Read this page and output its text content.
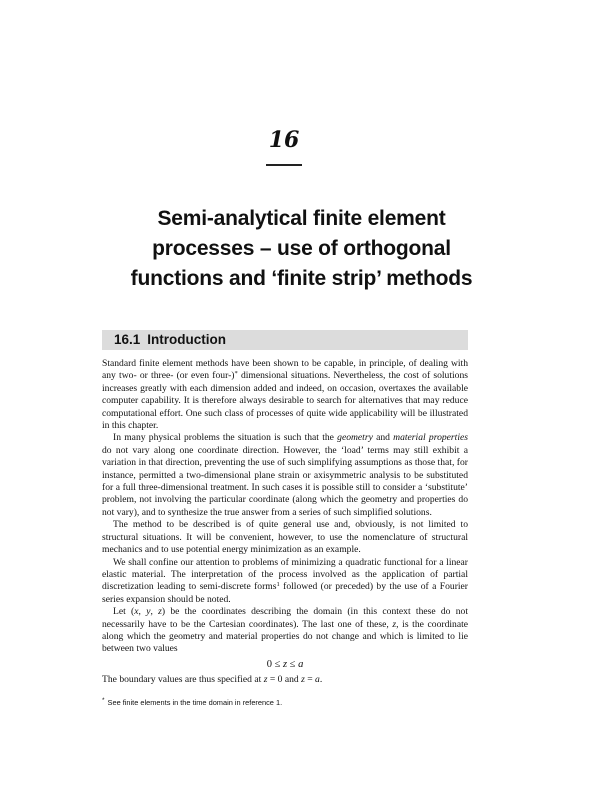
16
Semi-analytical finite element
processes – use of orthogonal
functions and ‘finite strip’ methods
16.1 Introduction

Standard finite element methods have been shown to be capable, in principle, of dealing with any two- or three- (or even four-)* dimensional situations. Nevertheless, the cost of solutions increases greatly with each dimension added and indeed, on occasion, overtaxes the available computer capability. It is therefore always desirable to search for alternatives that may reduce computational effort. One such class of processes of quite wide applicability will be illustrated in this chapter.

In many physical problems the situation is such that the geometry and material properties do not vary along one coordinate direction. However, the ‘load’ terms may still exhibit a variation in that direction, preventing the use of such simplifying assumptions as those that, for instance, permitted a two-dimensional plane strain or axisymmetric analysis to be substituted for a full three-dimensional treatment. In such cases it is possible still to consider a ‘substitute’ problem, not involving the particular coordinate (along which the geometry and properties do not vary), and to synthesize the true answer from a series of such simplified solutions.

The method to be described is of quite general use and, obviously, is not limited to structural situations. It will be convenient, however, to use the nomenclature of structural mechanics and to use potential energy minimization as an example.

We shall confine our attention to problems of minimizing a quadratic functional for a linear elastic material. The interpretation of the process involved as the application of partial discretization leading to semi-discrete forms$^1$ followed (or preceded) by the use of a Fourier series expansion should be noted.

Let (x, y, z) be the coordinates describing the domain (in this context these do not necessarily have to be the Cartesian coordinates). The last one of these, z, is the coordinate along which the geometry and material properties do not change and which is limited to lie between two values

0 ≤ z ≤ a

The boundary values are thus specified at z = 0 and z = a.

* See finite elements in the time domain in reference 1.
